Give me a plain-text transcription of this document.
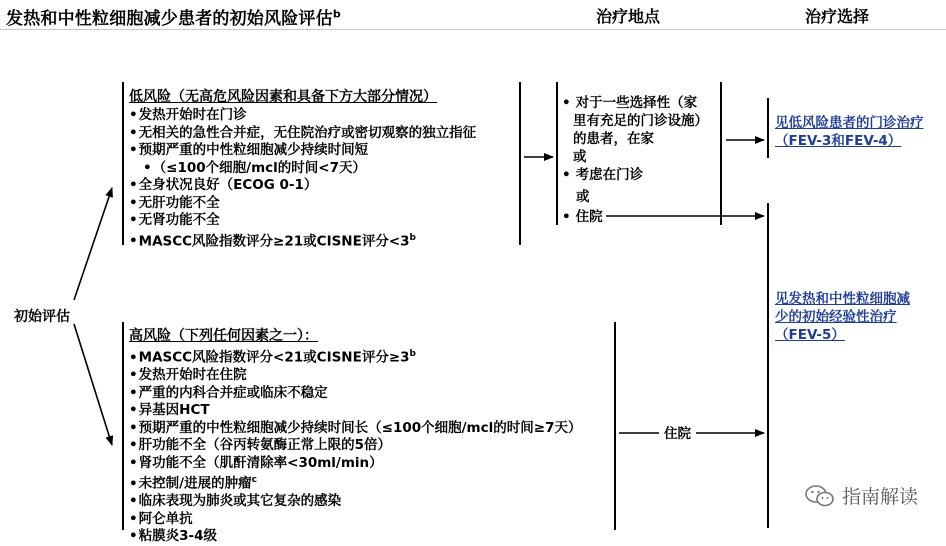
发热和中性粒细胞减少患者的初始风险评估$^b$	治疗地点	治疗选择
初始评估
低风险（无高危风险因素和具备下方大部分情况）
• 发热开始时在门诊
• 无相关的急性合并症，无住院治疗或密切观察的独立指征
• 预期严重的中性粒细胞减少持续时间短
• （≤100个细胞/mcl的时间<7天）
• 全身状况良好（ECOG 0-1）
• 无肝功能不全
• 无肾功能不全
• MASCC风险指数评分≥21或CISNE评分$<3^b$
高风险（下列任何因素之一）：
• MASCC风险指数评分<21或CISNE评分$\ge 3^b$
• 发热开始时在住院
• 严重的内科合并症或临床不稳定
• 异基因HCT
• 预期严重的中性粒细胞减少持续时间长（≤100个细胞/mcl的时间≥7天）
• 肝功能不全（谷丙转氨酶正常上限的5倍）
• 肾功能不全（肌酐清除率<30ml/min）
• 未控制/进展的肿瘤$^c$
• 临床表现为肺炎或其它复杂的感染
• 阿仑单抗
• 粘膜炎3-4级
• 对于一些选择性（家
里有充足的门诊设施）
的患者，在家
或
• 考虑在门诊
或
• 住院
住院
见低风险患者的门诊治疗
（FEV-3和FEV-4）
见发热和中性粒细胞减
少的初始经验性治疗
（FEV-5）
指南解读
